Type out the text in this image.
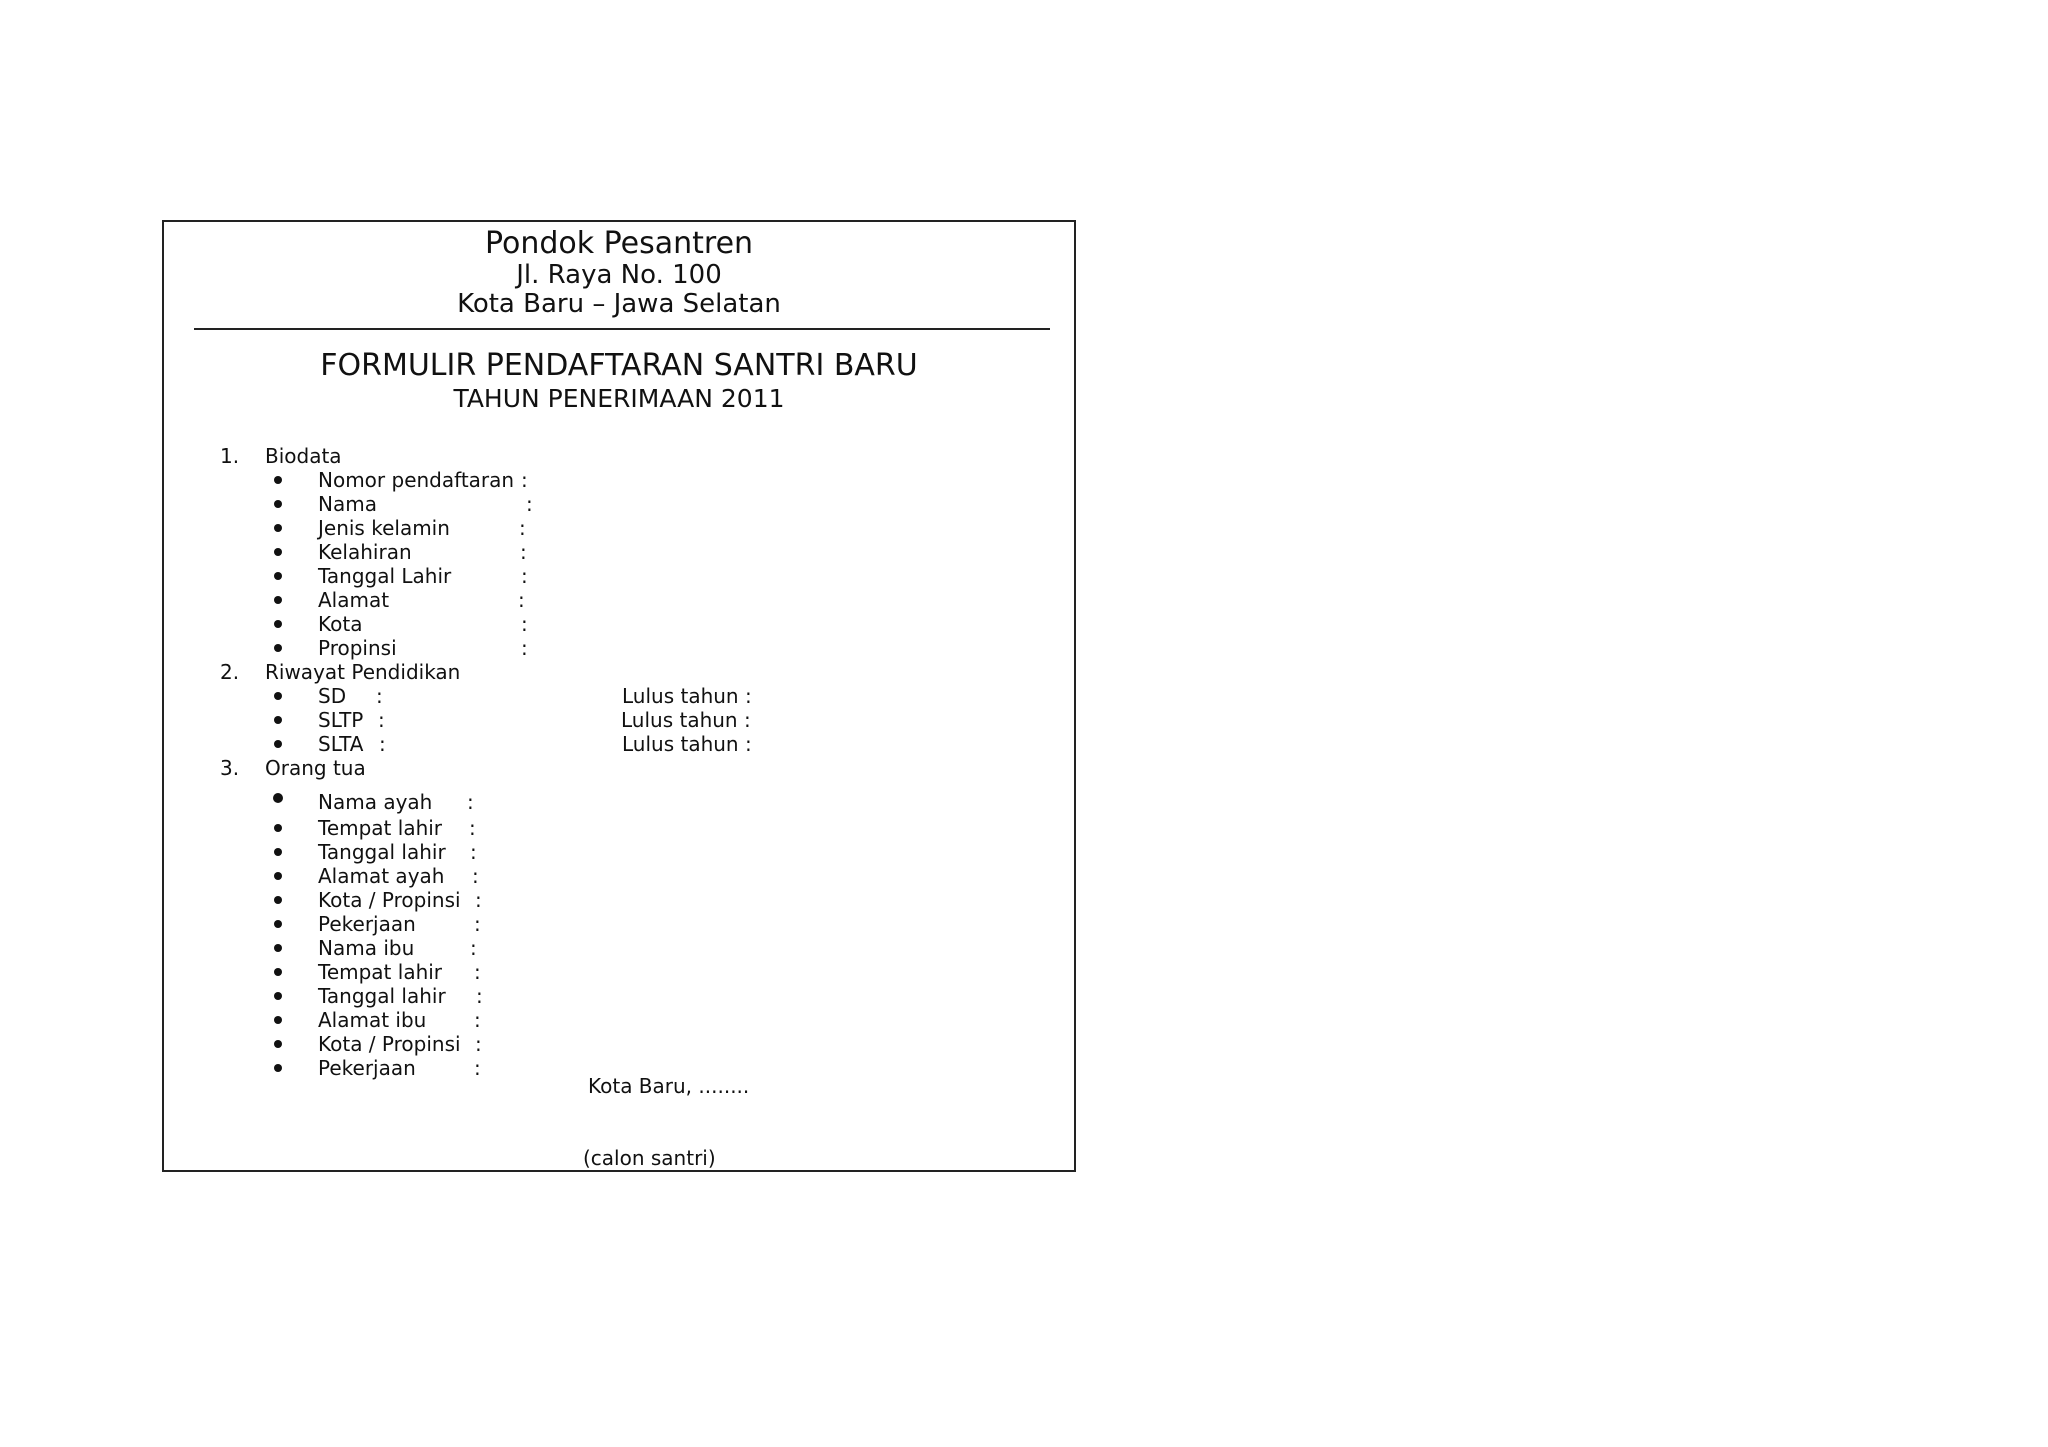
Pondok Pesantren
Jl. Raya No. 100
Kota Baru – Jawa Selatan
FORMULIR PENDAFTARAN SANTRI BARU
TAHUN PENERIMAAN 2011
1. Biodata
Nomor pendaftaran :
Nama	:
Jenis kelamin	:
Kelahiran	:
Tanggal Lahir	:
Alamat	:
Kota	:
Propinsi	:
2. Riwayat Pendidikan
SD :	Lulus tahun :
SLTP :	Lulus tahun :
SLTA :	Lulus tahun :
3. Orang tua
Nama ayah :
Tempat lahir :
Tanggal lahir :
Alamat ayah :
Kota / Propinsi :
Pekerjaan	:
Nama ibu	:
Tempat lahir :
Tanggal lahir :
Alamat ibu :
Kota / Propinsi :
Pekerjaan	:
Kota Baru, ........
(calon santri)
